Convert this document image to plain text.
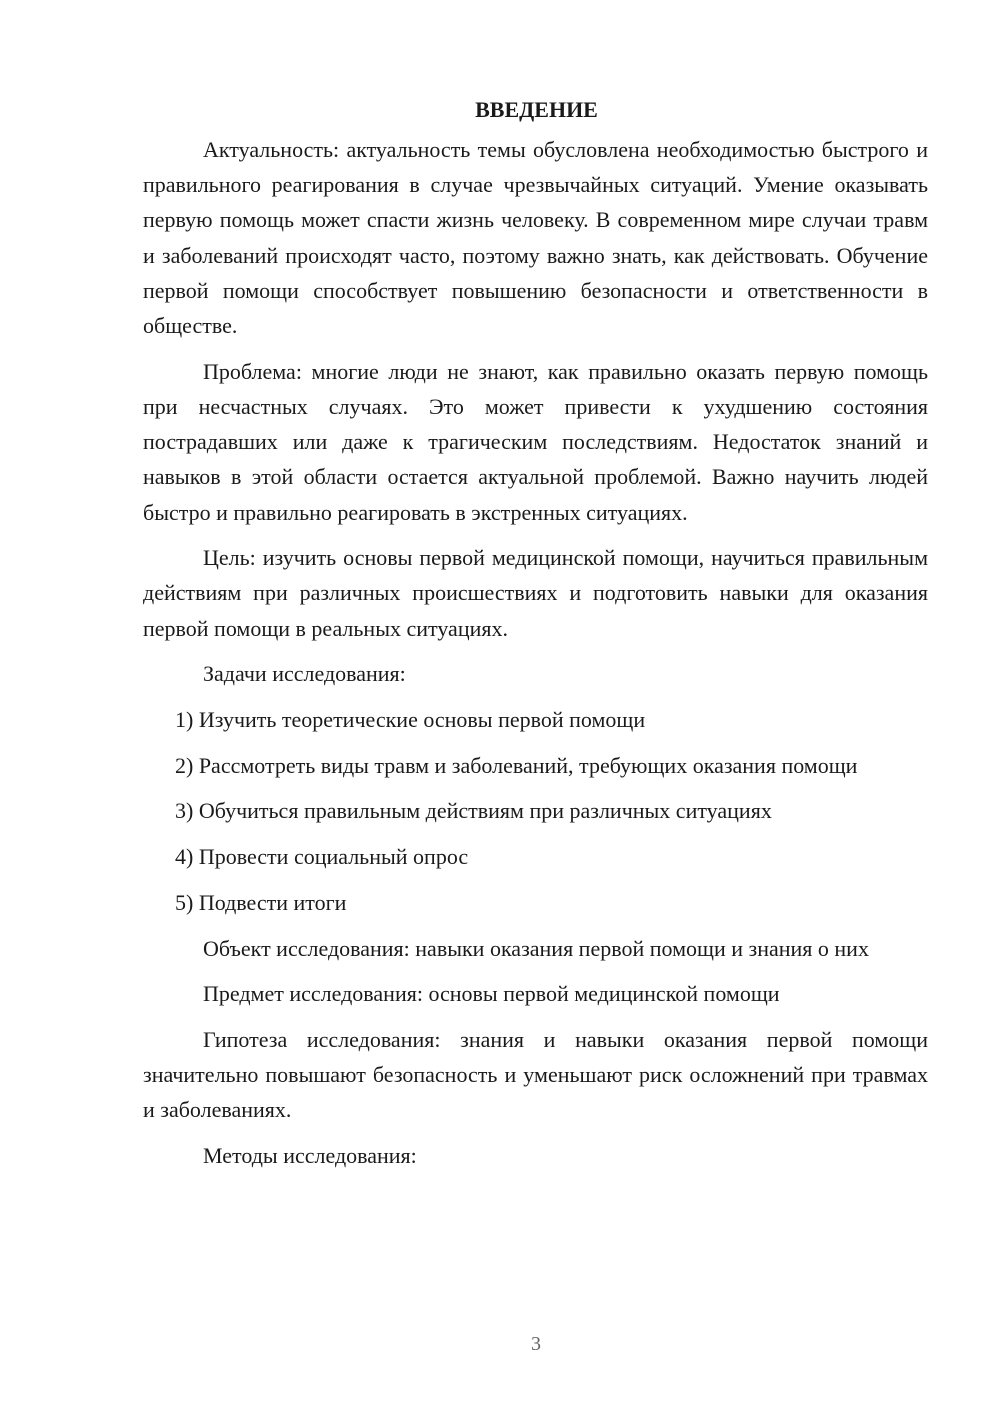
ВВЕДЕНИЕ

Актуальность: актуальность темы обусловлена необходимостью быстрого и правильного реагирования в случае чрезвычайных ситуаций. Умение оказывать первую помощь может спасти жизнь человеку. В современном мире случаи травм и заболеваний происходят часто, поэтому важно знать, как действовать. Обучение первой помощи способствует повышению безопасности и ответственности в обществе.

Проблема: многие люди не знают, как правильно оказать первую помощь при несчастных случаях. Это может привести к ухудшению состояния пострадавших или даже к трагическим последствиям. Недостаток знаний и навыков в этой области остается актуальной проблемой. Важно научить людей быстро и правильно реагировать в экстренных ситуациях.

Цель: изучить основы первой медицинской помощи, научиться правильным действиям при различных происшествиях и подготовить навыки для оказания первой помощи в реальных ситуациях.

Задачи исследования:

1) Изучить теоретические основы первой помощи

2) Рассмотреть виды травм и заболеваний, требующих оказания помощи

3) Обучиться правильным действиям при различных ситуациях

4) Провести социальный опрос

5) Подвести итоги

Объект исследования: навыки оказания первой помощи и знания о них

Предмет исследования: основы первой медицинской помощи

Гипотеза исследования: знания и навыки оказания первой помощи значительно повышают безопасность и уменьшают риск осложнений при травмах и заболеваниях.

Методы исследования:

3
